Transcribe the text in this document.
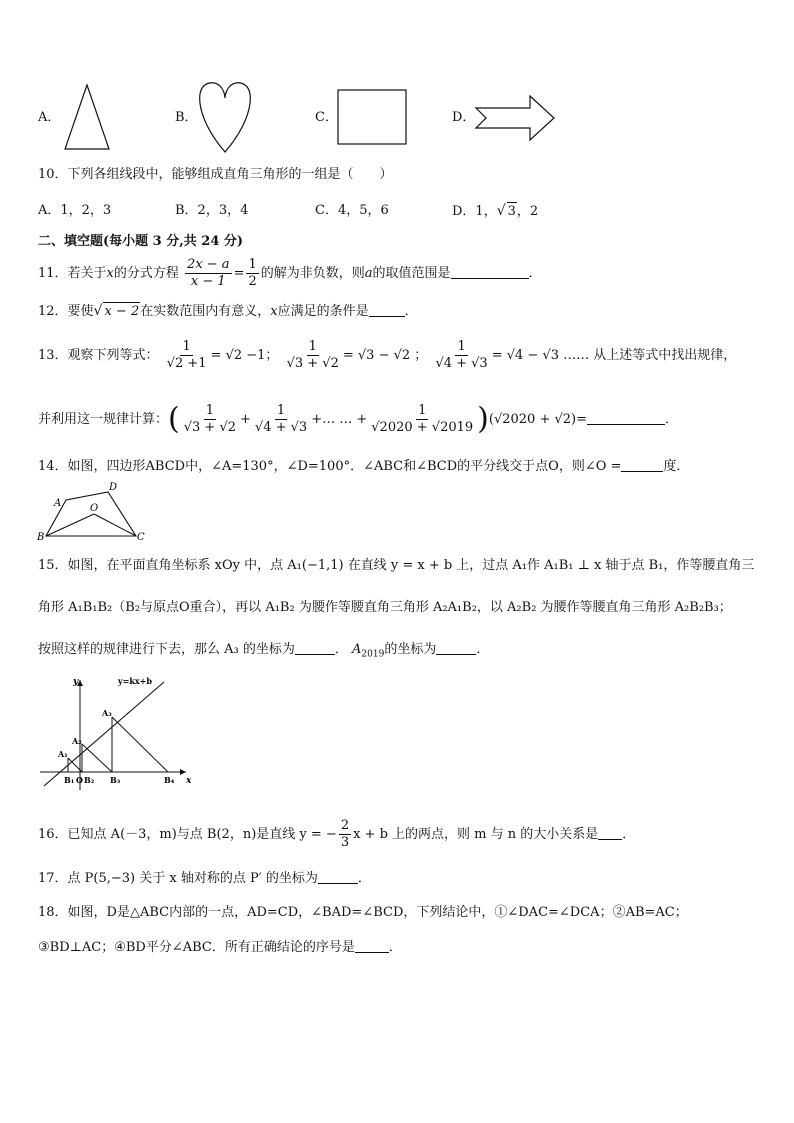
A．	B．	C．	D．
10．下列各组线段中，能够组成直角三角形的一组是（　　）
A．1，2，3	B．2，3，4	C．4，5，6	D．1，√ 3，2
二、填空题(每小题 3 分,共 24 分)
11．若关于x的分式方程 $\frac{2x - a}{x - 1} = \frac{1}{2}$ 的解为非负数，则a的取值范围是	．
12．要使√ x − 2在实数范围内有意义，x应满足的条件是	．
13．观察下列等式： $\frac{1}{√2 +1} = √2 -1$； $\frac{1}{√3 + √2} = √3 - √2$ ； $\frac{1}{√4 + √3} = √4 - √3$ …… 从上述等式中找出规律，
并利用这一规律计算：( $\frac{1}{√3 + √2} + \frac{1}{√4 + √3}$ +… … + $\frac{1}{√2020 + √2019} )(√2020 + √2)=$	．
14．如图，四边形ABCD中，∠A=130°，∠D=100°．∠ABC和∠BCD的平分线交于点O，则∠O =	度．
A
B	C
D
O
15．如图，在平面直角坐标系 xOy 中，点 A₁(−1,1) 在直线 y = x + b 上，过点 A₁作 A₁B₁ ⊥ x 轴于点 B₁，作等腰直角三
角形 A₁B₁B₂（B₂与原点O重合），再以 A₁B₂ 为腰作等腰直角三角形 A₂A₁B₂，以 A₂B₂ 为腰作等腰直角三角形 A₂B₂B₃；
按照这样的规律进行下去，那么 A₃ 的坐标为	． $A_{2019}$的坐标为	．
y=kx+b
y
x
A₁
A₂
A₃
B₁ O B₂ B₃	B₄
16．已知点 A(－3，m)与点 B(2，n)是直线 y = − $\frac{2}{3}$ x + b 上的两点，则 m 与 n 的大小关系是 ．
17．点 P(5,−3) 关于 x 轴对称的点 P′ 的坐标为	．
18．如图，D是△ABC内部的一点，AD=CD，∠BAD=∠BCD，下列结论中，①∠DAC=∠DCA；②AB=AC；
③BD⊥AC；④BD平分∠ABC．所有正确结论的序号是	．
